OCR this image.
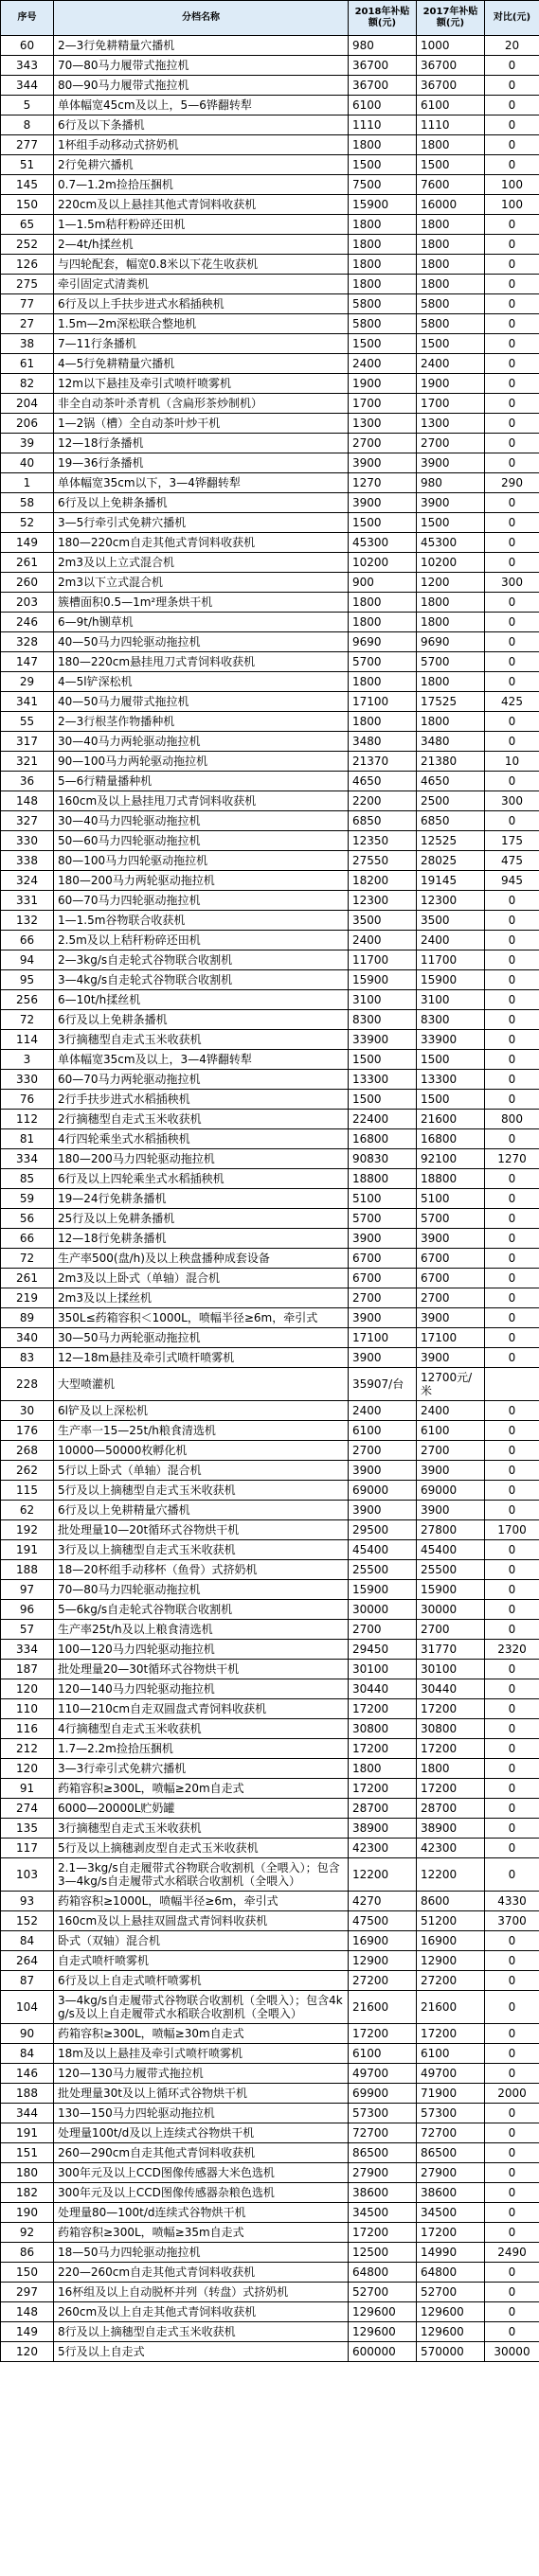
序号	分档名称	2018年补贴额(元)	2017年补贴额(元)	对比(元)
60	2—3行免耕精量穴播机	980	1000	20
343	70—80马力履带式拖拉机	36700	36700	0
344	80—90马力履带式拖拉机	36700	36700	0
5	单体幅宽45cm及以上，5—6铧翻转犁	6100	6100	0
8	6行及以下条播机	1110	1110	0
277	1杯组手动移动式挤奶机	1800	1800	0
51	2行免耕穴播机	1500	1500	0
145	0.7—1.2m捡拾压捆机	7500	7600	100
150	220cm及以上悬挂其他式青饲料收获机	15900	16000	100
65	1—1.5m秸秆粉碎还田机	1800	1800	0
252	2—4t/h揉丝机	1800	1800	0
126	与四轮配套，幅宽0.8米以下花生收获机	1800	1800	0
275	牵引固定式清粪机	1800	1800	0
77	6行及以上手扶步进式水稻插秧机	5800	5800	0
27	1.5m—2m深松联合整地机	5800	5800	0
38	7—11行条播机	1500	1500	0
61	4—5行免耕精量穴播机	2400	2400	0
82	12m以下悬挂及牵引式喷杆喷雾机	1900	1900	0
204	非全自动茶叶杀青机（含扁形茶炒制机）	1700	1700	0
206	1—2锅（槽）全自动茶叶炒干机	1300	1300	0
39	12—18行条播机	2700	2700	0
40	19—36行条播机	3900	3900	0
1	单体幅宽35cm以下，3—4铧翻转犁	1270	980	290
58	6行及以上免耕条播机	3900	3900	0
52	3—5行牵引式免耕穴播机	1500	1500	0
149	180—220cm自走其他式青饲料收获机	45300	45300	0
261	2m3及以上立式混合机	10200	10200	0
260	2m3以下立式混合机	900	1200	300
203	簇槽面积0.5—1m²理条烘干机	1800	1800	0
246	6—9t/h铡草机	1800	1800	0
328	40—50马力四轮驱动拖拉机	9690	9690	0
147	180—220cm悬挂甩刀式青饲料收获机	5700	5700	0
29	4—5l铲深松机	1800	1800	0
341	40—50马力履带式拖拉机	17100	17525	425
55	2—3行根茎作物播种机	1800	1800	0
317	30—40马力两轮驱动拖拉机	3480	3480	0
321	90—100马力两轮驱动拖拉机	21370	21380	10
36	5—6行精量播种机	4650	4650	0
148	160cm及以上悬挂甩刀式青饲料收获机	2200	2500	300
327	30—40马力四轮驱动拖拉机	6850	6850	0
330	50—60马力四轮驱动拖拉机	12350	12525	175
338	80—100马力四轮驱动拖拉机	27550	28025	475
324	180—200马力两轮驱动拖拉机	18200	19145	945
331	60—70马力四轮驱动拖拉机	12300	12300	0
132	1—1.5m谷物联合收获机	3500	3500	0
66	2.5m及以上秸秆粉碎还田机	2400	2400	0
94	2—3kg/s自走轮式谷物联合收割机	11700	11700	0
95	3—4kg/s自走轮式谷物联合收割机	15900	15900	0
256	6—10t/h揉丝机	3100	3100	0
72	6行及以上免耕条播机	8300	8300	0
114	3行摘穗型自走式玉米收获机	33900	33900	0
3	单体幅宽35cm及以上，3—4铧翻转犁	1500	1500	0
330	60—70马力两轮驱动拖拉机	13300	13300	0
76	2行手扶步进式水稻插秧机	1500	1500	0
112	2行摘穗型自走式玉米收获机	22400	21600	800
81	4行四轮乘坐式水稻插秧机	16800	16800	0
334	180—200马力四轮驱动拖拉机	90830	92100	1270
85	6行及以上四轮乘坐式水稻插秧机	18800	18800	0
59	19—24行免耕条播机	5100	5100	0
56	25行及以上免耕条播机	5700	5700	0
66	12—18行免耕条播机	3900	3900	0
72	生产率500(盘/h)及以上秧盘播种成套设备	6700	6700	0
261	2m3及以上卧式（单轴）混合机	6700	6700	0
219	2m3及以上揉丝机	2700	2700	0
89	350L≤药箱容积＜1000L，喷幅半径≥6m，牵引式	3900	3900	0
340	30—50马力两轮驱动拖拉机	17100	17100	0
83	12—18m悬挂及牵引式喷杆喷雾机	3900	3900	0
228	大型喷灌机	35907/台	12700元/米	
30	6l铲及以上深松机	2400	2400	0
176	生产率一15—25t/h粮食清选机	6100	6100	0
268	10000—50000枚孵化机	2700	2700	0
262	5行以上卧式（单轴）混合机	3900	3900	0
115	5行及以上摘穗型自走式玉米收获机	69000	69000	0
62	6行及以上免耕精量穴播机	3900	3900	0
192	批处理量10—20t循环式谷物烘干机	29500	27800	1700
191	3行及以上摘穗型自走式玉米收获机	45400	45400	0
188	18—20杯组手动移杯（鱼骨）式挤奶机	25500	25500	0
97	70—80马力四轮驱动拖拉机	15900	15900	0
96	5—6kg/s自走轮式谷物联合收割机	30000	30000	0
57	生产率25t/h及以上粮食清选机	2700	2700	0
334	100—120马力四轮驱动拖拉机	29450	31770	2320
187	批处理量20—30t循环式谷物烘干机	30100	30100	0
120	120—140马力四轮驱动拖拉机	30440	30440	0
110	110—210cm自走双圆盘式青饲料收获机	17200	17200	0
116	4行摘穗型自走式玉米收获机	30800	30800	0
212	1.7—2.2m捡拾压捆机	17200	17200	0
120	3—3行牵引式免耕穴播机	1800	1800	0
91	药箱容积≥300L，喷幅≥20m自走式	17200	17200	0
274	6000—20000L贮奶罐	28700	28700	0
135	3行摘穗型自走式玉米收获机	38900	38900	0
117	5行及以上摘穗剥皮型自走式玉米收获机	42300	42300	0
103	2.1—3kg/s自走履带式谷物联合收割机（全喂入）；包含3—4kg/s自走履带式水稻联合收割机（全喂入）	12200	12200	0
93	药箱容积≥1000L，喷幅半径≥6m，牵引式	4270	8600	4330
152	160cm及以上悬挂双圆盘式青饲料收获机	47500	51200	3700
84	卧式（双轴）混合机	16900	16900	0
264	自走式喷杆喷雾机	12900	12900	0
87	6行及以上自走式喷杆喷雾机	27200	27200	0
104	3—4kg/s自走履带式谷物联合收割机（全喂入）；包含4kg/s及以上自走履带式水稻联合收割机（全喂入）	21600	21600	0
90	药箱容积≥300L，喷幅≥30m自走式	17200	17200	0
84	18m及以上悬挂及牵引式喷杆喷雾机	6100	6100	0
146	120—130马力履带式拖拉机	49700	49700	0
188	批处理量30t及以上循环式谷物烘干机	69900	71900	2000
344	130—150马力四轮驱动拖拉机	57300	57300	0
191	处理量100t/d及以上连续式谷物烘干机	72700	72700	0
151	260—290cm自走其他式青饲料收获机	86500	86500	0
180	300年元及以上CCD图像传感器大米色选机	27900	27900	0
182	300年元及以上CCD图像传感器杂粮色选机	38600	38600	0
190	处理量80—100t/d连续式谷物烘干机	34500	34500	0
92	药箱容积≥300L，喷幅≥35m自走式	17200	17200	0
86	18—50马力四轮驱动拖拉机	12500	14990	2490
150	220—260cm自走其他式青饲料收获机	64800	64800	0
297	16杯组及以上自动脱杯并列（转盘）式挤奶机	52700	52700	0
148	260cm及以上自走其他式青饲料收获机	129600	129600	0
149	8行及以上摘穗型自走式玉米收获机	129600	129600	0
120	5行及以上自走式	600000	570000	30000
